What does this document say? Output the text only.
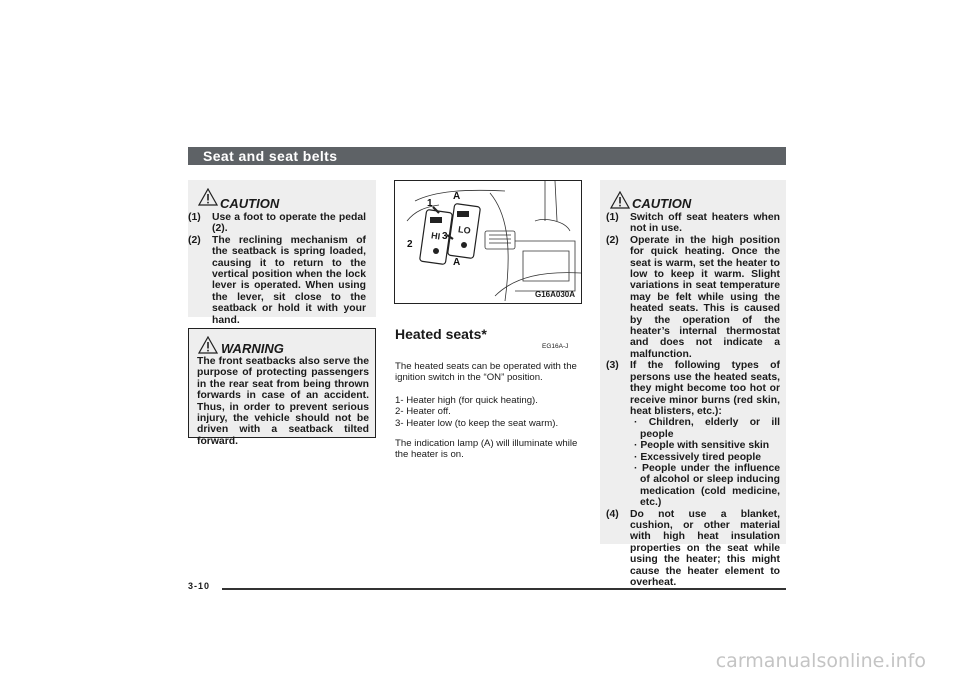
Seat and seat belts
CAUTION
(1) Use a foot to operate the pedal (2).
(2) The reclining mechanism of the seatback is spring loaded, causing it to return to the vertical position when the lock lever is operated. When using the lever, sit close to the seatback or hold it with your hand.
WARNING

The front seatbacks also serve the purpose of protecting passengers in the rear seat from being thrown forwards in case of an accident. Thus, in order to prevent serious injury, the vehicle should not be driven with a seatback tilted forward.

HI
LO
1
2
3
A
A
G16A030A
Heated seats*
EG16A-J

The heated seats can be operated with the ignition switch in the “ON” position.

1- Heater high (for quick heating).
2- Heater off.
3- Heater low (to keep the seat warm).

The indication lamp (A) will illuminate while the heater is on.

CAUTION
(1) Switch off seat heaters when not in use.
(2) Operate in the high position for quick heating. Once the seat is warm, set the heater to low to keep it warm. Slight variations in seat temperature may be felt while using the heated seats. This is caused by the operation of the heater’s internal thermostat and does not indicate a malfunction.
(3) If the following types of persons use the heated seats, they might become too hot or receive minor burns (red skin, heat blisters, etc.):
· Children, elderly or ill people
· People with sensitive skin
· Excessively tired people
· People under the influence of alcohol or sleep inducing medication (cold medicine, etc.)
(4) Do not use a blanket, cushion, or other material with high heat insulation properties on the seat while using the heater; this might cause the heater element to overheat.
3-10
carmanualsonline.info
